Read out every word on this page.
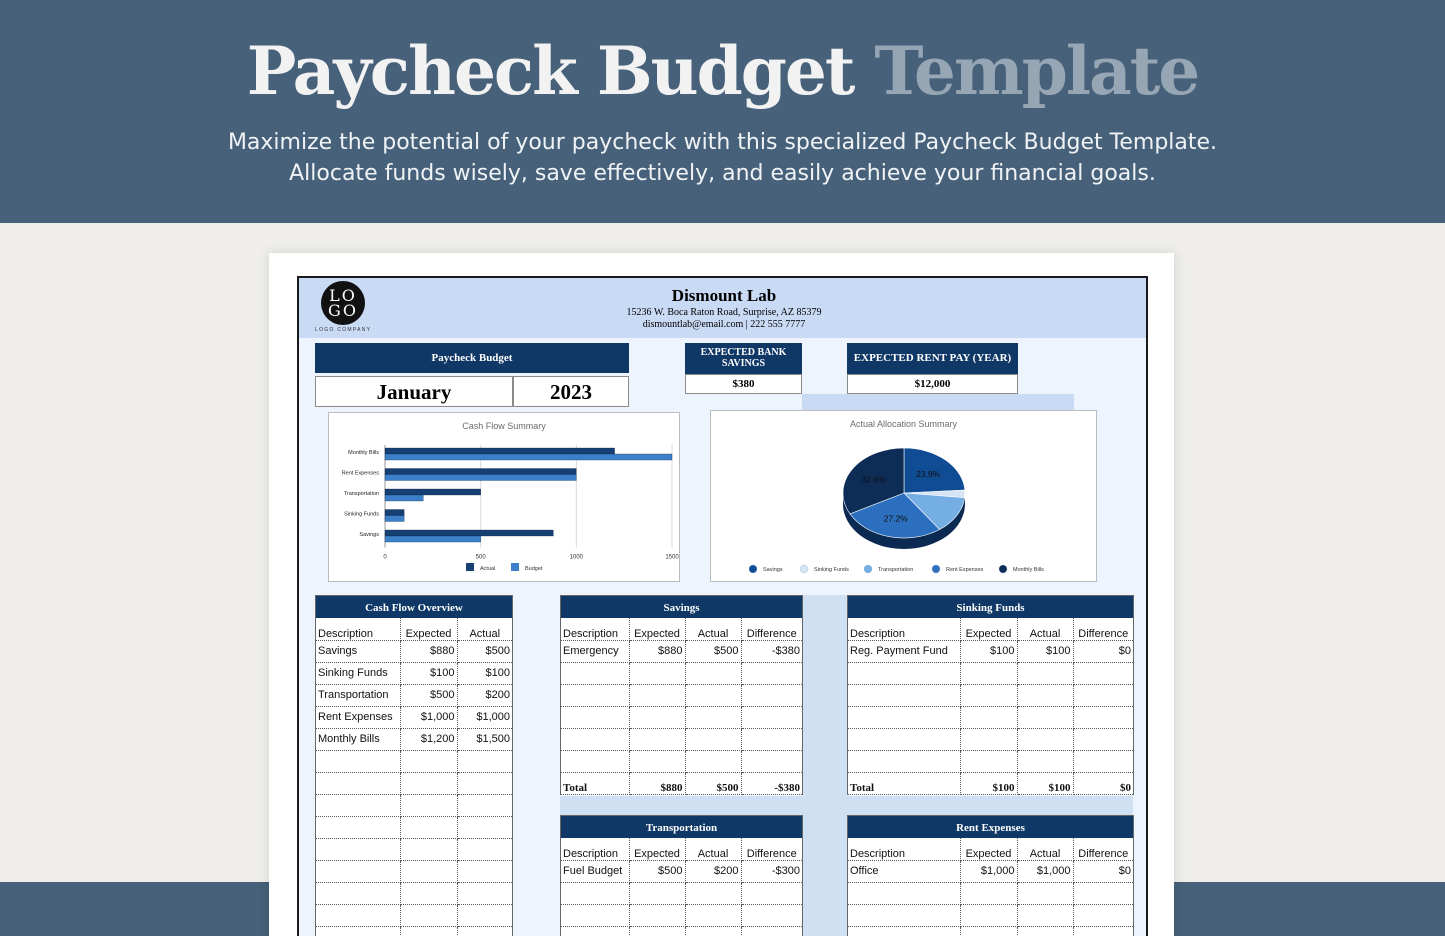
Paycheck Budget Template
Maximize the potential of your paycheck with this specialized Paycheck Budget Template.
Allocate funds wisely, save effectively, and easily achieve your financial goals.
LO
GO
LOGO COMPANY
Dismount Lab
15236 W. Boca Raton Road, Surprise, AZ 85379
dismountlab@email.com | 222 555 7777
Paycheck Budget
January	2023
EXPECTED BANK SAVINGS
$380
EXPECTED RENT PAY (YEAR)
$12,000
Cash Flow Summary
0	500	1000	1500
Monthly Bills
Rent Expenses
Transportation
Sinking Funds
Savings
Actual	Budget
Actual Allocation Summary
23.9%
27.2%
32.6%
Savings	Sinking Funds	Transportation	Rent Expenses	Monthly Bills
Cash Flow Overview
Description	Expected	Actual
Savings	$880	$500
Sinking Funds	$100	$100
Transportation	$500	$200
Rent Expenses	$1,000	$1,000
Monthly Bills	$1,200	$1,500

Savings
Description	Expected	Actual	Difference
Emergency	$880	$500	-$380

Total	$880	$500	-$380
Sinking Funds
Description	Expected	Actual	Difference
Reg. Payment Fund	$100	$100	$0

Total	$100	$100	$0
Transportation
Description	Expected	Actual	Difference
Fuel Budget	$500	$200	-$300

Rent Expenses
Description	Expected	Actual	Difference
Office	$1,000	$1,000	$0
